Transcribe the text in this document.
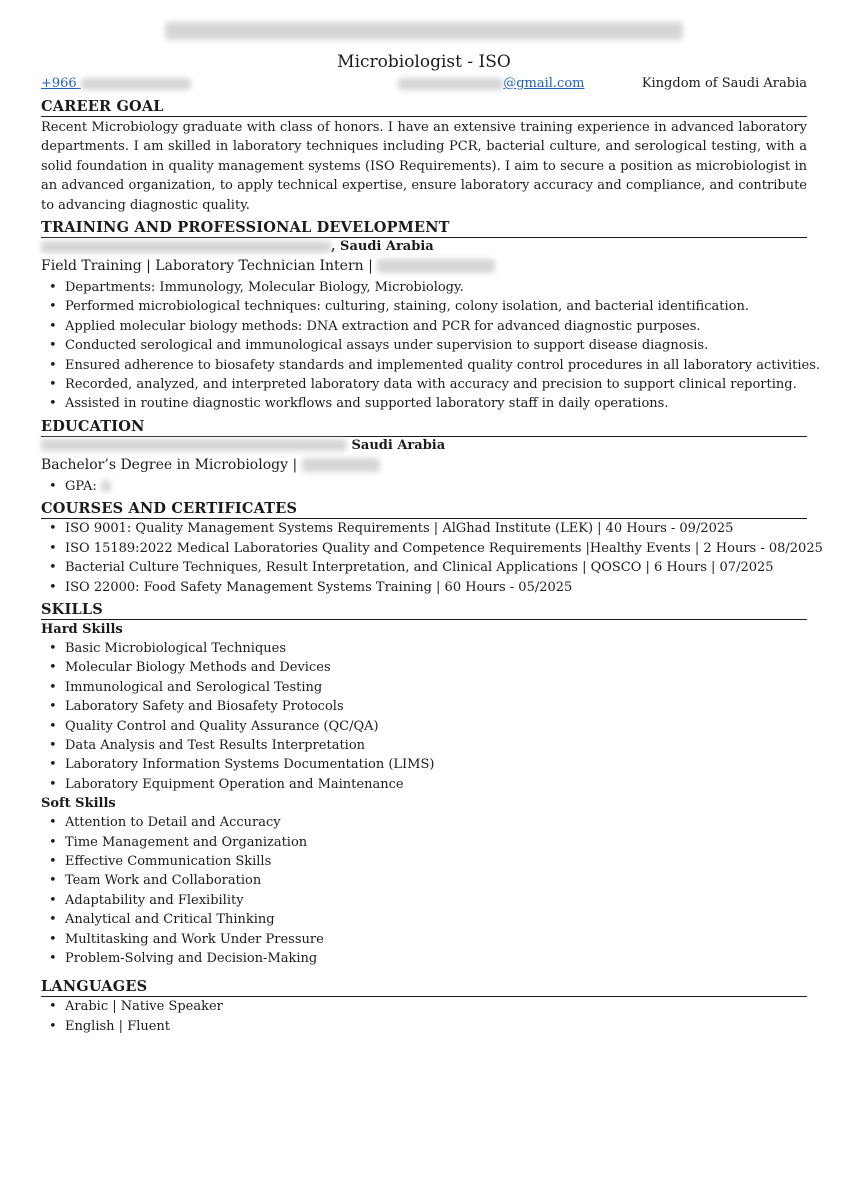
Microbiologist - ISO
+966	@gmail.com	Kingdom of Saudi Arabia
CAREER GOAL

Recent Microbiology graduate with class of honors. I have an extensive training experience in advanced laboratory departments. I am skilled in laboratory techniques including PCR, bacterial culture, and serological testing, with a solid foundation in quality management systems (ISO Requirements). I aim to secure a position as microbiologist in an advanced organization, to apply technical expertise, ensure laboratory accuracy and compliance, and contribute to advancing diagnostic quality.

TRAINING AND PROFESSIONAL DEVELOPMENT
, Saudi Arabia
Field Training | Laboratory Technician Intern |
• Departments: Immunology, Molecular Biology, Microbiology.
• Performed microbiological techniques: culturing, staining, colony isolation, and bacterial identification.
• Applied molecular biology methods: DNA extraction and PCR for advanced diagnostic purposes.
• Conducted serological and immunological assays under supervision to support disease diagnosis.
• Ensured adherence to biosafety standards and implemented quality control procedures in all laboratory activities.
• Recorded, analyzed, and interpreted laboratory data with accuracy and precision to support clinical reporting.
• Assisted in routine diagnostic workflows and supported laboratory staff in daily operations.
EDUCATION
Saudi Arabia
Bachelor’s Degree in Microbiology |
• GPA:
COURSES AND CERTIFICATES
• ISO 9001: Quality Management Systems Requirements | AlGhad Institute (LEK) | 40 Hours - 09/2025
• ISO 15189:2022 Medical Laboratories Quality and Competence Requirements |Healthy Events | 2 Hours - 08/2025
• Bacterial Culture Techniques, Result Interpretation, and Clinical Applications | QOSCO | 6 Hours | 07/2025
• ISO 22000: Food Safety Management Systems Training | 60 Hours - 05/2025
SKILLS
Hard Skills
• Basic Microbiological Techniques
• Molecular Biology Methods and Devices
• Immunological and Serological Testing
• Laboratory Safety and Biosafety Protocols
• Quality Control and Quality Assurance (QC/QA)
• Data Analysis and Test Results Interpretation
• Laboratory Information Systems Documentation (LIMS)
• Laboratory Equipment Operation and Maintenance
Soft Skills
• Attention to Detail and Accuracy
• Time Management and Organization
• Effective Communication Skills
• Team Work and Collaboration
• Adaptability and Flexibility
• Analytical and Critical Thinking
• Multitasking and Work Under Pressure
• Problem-Solving and Decision-Making
LANGUAGES
• Arabic | Native Speaker
• English | Fluent
